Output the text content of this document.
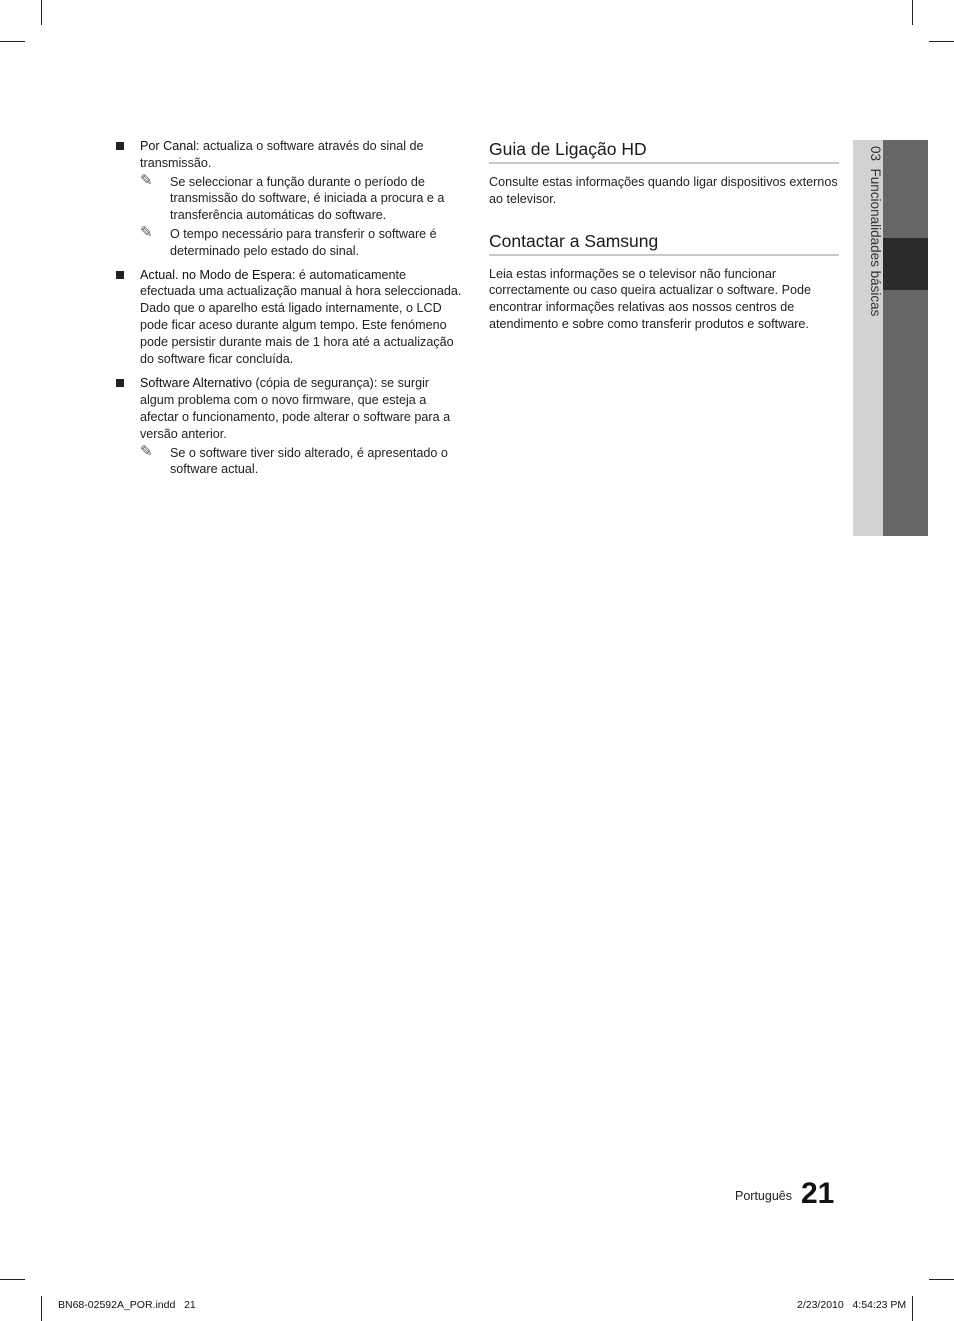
Por Canal: actualiza o software através do sinal de transmissão.
✎ Se seleccionar a função durante o período de transmissão do software, é iniciada a procura e a transferência automáticas do software.
✎ O tempo necessário para transferir o software é determinado pelo estado do sinal.
Actual. no Modo de Espera: é automaticamente efectuada uma actualização manual à hora seleccionada. Dado que o aparelho está ligado internamente, o LCD pode ficar aceso durante algum tempo. Este fenómeno pode persistir durante mais de 1 hora até a actualização do software ficar concluída.
Software Alternativo (cópia de segurança): se surgir algum problema com o novo firmware, que esteja a afectar o funcionamento, pode alterar o software para a versão anterior.
✎ Se o software tiver sido alterado, é apresentado o software actual.
Guia de Ligação HD

Consulte estas informações quando ligar dispositivos externos ao televisor.

Contactar a Samsung

Leia estas informações se o televisor não funcionar correctamente ou caso queira actualizar o software. Pode encontrar informações relativas aos nossos centros de atendimento e sobre como transferir produtos e software.

03  Funcionalidades básicas
Português 21
BN68-02592A_POR.indd   21	2/23/2010   4:54:23 PM
